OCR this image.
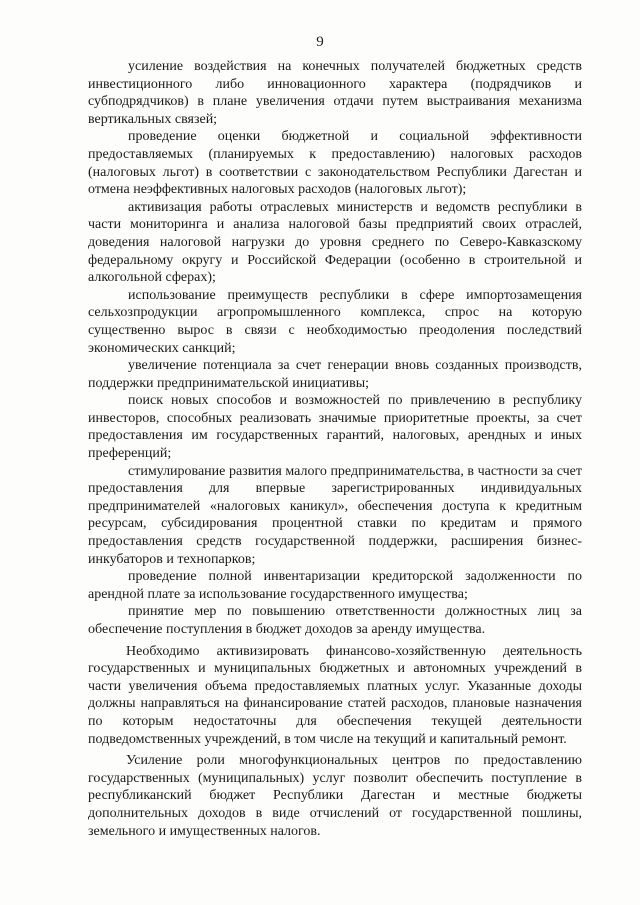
9

усиление воздействия на конечных получателей бюджетных средств инвестиционного либо инновационного характера (подрядчиков и субподрядчиков) в плане увеличения отдачи путем выстраивания механизма вертикальных связей;

проведение оценки бюджетной и социальной эффективности предоставляемых (планируемых к предоставлению) налоговых расходов (налоговых льгот) в соответствии с законодательством Республики Дагестан и отмена неэффективных налоговых расходов (налоговых льгот);

активизация работы отраслевых министерств и ведомств республики в части мониторинга и анализа налоговой базы предприятий своих отраслей, доведения налоговой нагрузки до уровня среднего по Северо-Кавказскому федеральному округу и Российской Федерации (особенно в строительной и алкогольной сферах);

использование преимуществ республики в сфере импортозамещения сельхозпродукции агропромышленного комплекса, спрос на которую существенно вырос в связи с необходимостью преодоления последствий экономических санкций;

увеличение потенциала за счет генерации вновь созданных производств, поддержки предпринимательской инициативы;

поиск новых способов и возможностей по привлечению в республику инвесторов, способных реализовать значимые приоритетные проекты, за счет предоставления им государственных гарантий, налоговых, арендных и иных преференций;

стимулирование развития малого предпринимательства, в частности за счет предоставления для впервые зарегистрированных индивидуальных предпринимателей «налоговых каникул», обеспечения доступа к кредитным ресурсам, субсидирования процентной ставки по кредитам и прямого предоставления средств государственной поддержки, расширения бизнес-инкубаторов и технопарков;

проведение полной инвентаризации кредиторской задолженности по арендной плате за использование государственного имущества;

принятие мер по повышению ответственности должностных лиц за обеспечение поступления в бюджет доходов за аренду имущества.

Необходимо активизировать финансово-хозяйственную деятельность государственных и муниципальных бюджетных и автономных учреждений в части увеличения объема предоставляемых платных услуг. Указанные доходы должны направляться на финансирование статей расходов, плановые назначения по которым недостаточны для обеспечения текущей деятельности подведомственных учреждений, в том числе на текущий и капитальный ремонт.

Усиление роли многофункциональных центров по предоставлению государственных (муниципальных) услуг позволит обеспечить поступление в республиканский бюджет Республики Дагестан и местные бюджеты дополнительных доходов в виде отчислений от государственной пошлины, земельного и имущественных налогов.
